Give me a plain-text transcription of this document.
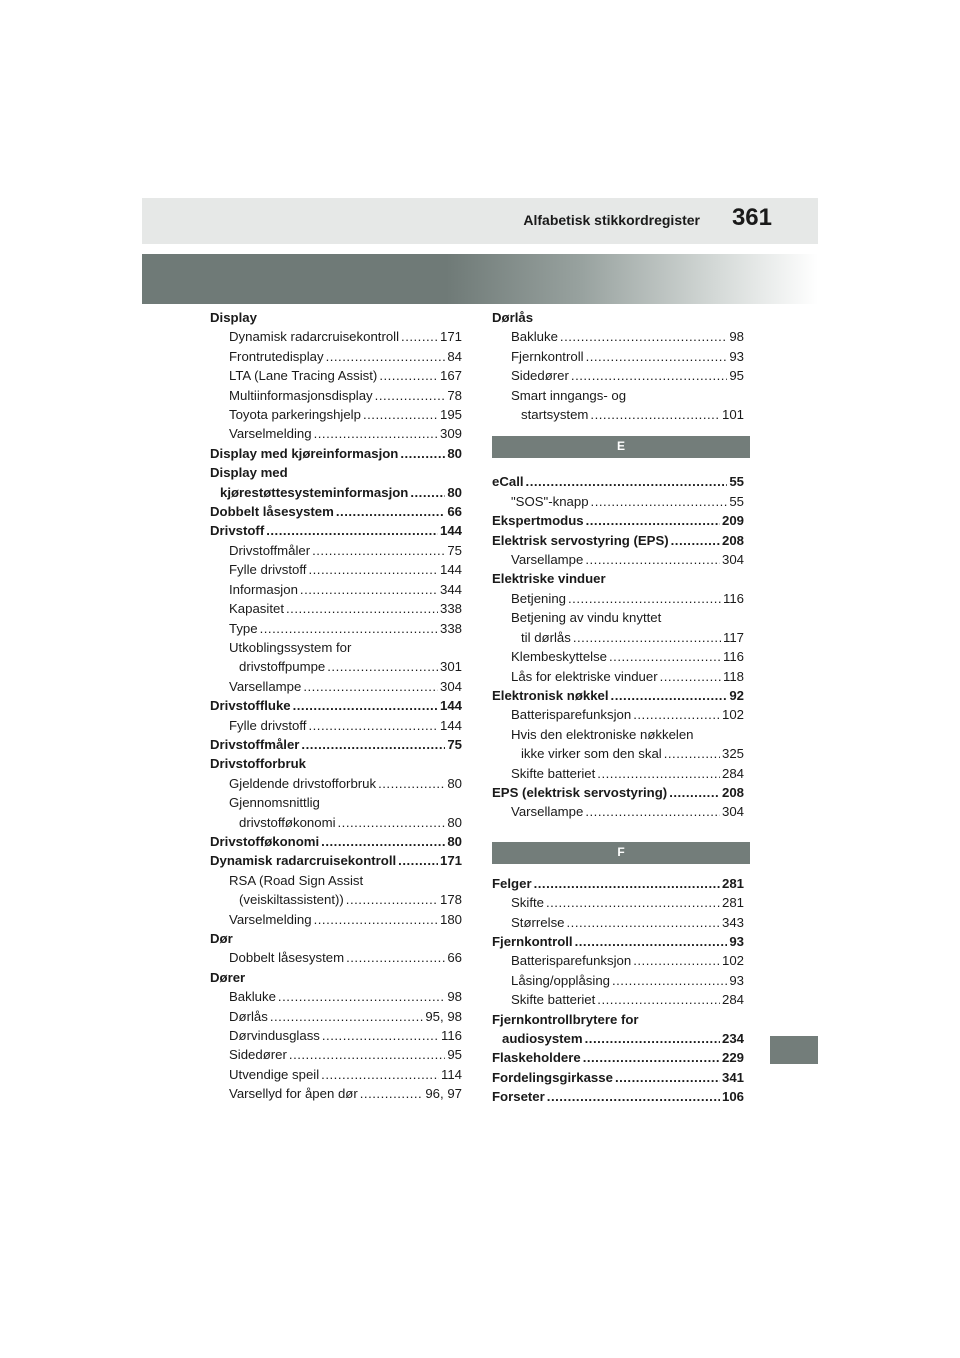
Alfabetisk stikkordregister 361
Display
Dynamisk radarcruisekontroll .....	171
Frontrutedisplay .....	84
LTA (Lane Tracing Assist) .....	167
Multiinformasjonsdisplay .....	78
Toyota parkeringshjelp .....	195
Varselmelding .....	309
Display med kjøreinformasjon .....	80
Display med
kjørestøttesysteminformasjon .....	80
Dobbelt låsesystem .....	66
Drivstoff .....	144
Drivstoffmåler .....	75
Fylle drivstoff .....	144
Informasjon .....	344
Kapasitet .....	338
Type .....	338
Utkoblingssystem for
drivstoffpumpe .....	301
Varsellampe .....	304
Drivstoffluke .....	144
Fylle drivstoff .....	144
Drivstoffmåler .....	75
Drivstofforbruk
Gjeldende drivstofforbruk .....	80
Gjennomsnittlig
drivstofføkonomi .....	80
Drivstofføkonomi .....	80
Dynamisk radarcruisekontroll .....	171
RSA (Road Sign Assist
(veiskiltassistent)) .....	178
Varselmelding .....	180
Dør
Dobbelt låsesystem .....	66
Dører
Bakluke .....	98
Dørlås .....	95, 98
Dørvindusglass .....	116
Sidedører .....	95
Utvendige speil .....	114
Varsellyd for åpen dør .....	96, 97
Dørlås
Bakluke .....	98
Fjernkontroll .....	93
Sidedører .....	95
Smart inngangs- og
startsystem .....	101
E
eCall .....	55
"SOS"-knapp .....	55
Ekspertmodus .....	209
Elektrisk servostyring (EPS) .....	208
Varsellampe .....	304
Elektriske vinduer
Betjening .....	116
Betjening av vindu knyttet
til dørlås .....	117
Klembeskyttelse .....	116
Lås for elektriske vinduer .....	118
Elektronisk nøkkel .....	92
Batterisparefunksjon .....	102
Hvis den elektroniske nøkkelen
ikke virker som den skal .....	325
Skifte batteriet .....	284
EPS (elektrisk servostyring) .....	208
Varsellampe .....	304
F
Felger .....	281
Skifte .....	281
Størrelse .....	343
Fjernkontroll .....	93
Batterisparefunksjon .....	102
Låsing/opplåsing .....	93
Skifte batteriet .....	284
Fjernkontrollbrytere for
audiosystem .....	234
Flaskeholdere .....	229
Fordelingsgirkasse .....	341
Forseter .....	106
